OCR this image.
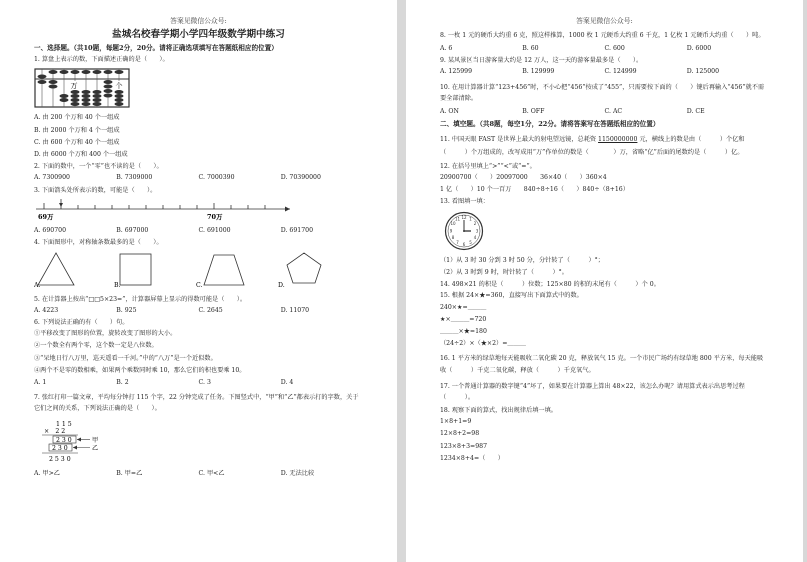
答案见微信公众号:
盐城名校春学期小学四年级数学期中练习
一、选择题。（共10题，每题2分，20分。请将正确选项填写在答题纸相应的位置）
1. 算盘上表示的数，下面描述正确的是（　　）。
万	个
A. 由 200 个万和 40 个一组成
B. 由 2000 个万和 4 个一组成
C. 由 600 个万和 40 个一组成
D. 由 6000 个万和 400 个一组成
2. 下面的数中，一个“零”也不读的是（　　）。
A. 7300900	B. 7309000	C. 7000390	D. 70390000
3. 下面箭头处所表示的数，可能是（　　）。
69万	70万
A. 690700	B. 697000	C. 691000	D. 691700
4. 下面图形中，对称轴条数最多的是（　　）。
A.	B.	C.	D.
5. 在计算器上按出“□□5×23=”，计算器屏幕上显示的得数可能是（　　）。
A. 4223	B. 925	C. 2645	D. 11070
6. 下列说法正确的有（　　）句。
①平移改变了图形的位置，旋转改变了图形的大小。
②一个数全有两个零，这个数一定是八位数。
③“呆地日行八万里，巡天遥看一千河。”中的“八万”是一个近似数。
④两个不是零的数相乘，如果两个乘数同时乘 10，那么它们的积也要乘 10。
A. 1	B. 2	C. 3	D. 4
7. 张红打印一篇文章，平均每分钟打 115 个字，22 分钟完成了任务。下图竖式中，“甲”和“乙”都表示打的字数，关于它们之间的关系，下列说法正确的是（　　）。
1 1 5
×　2 2
2 3 0
2 3 0
2 5 3 0
甲
乙
A. 甲>乙	B. 甲=乙	C. 甲<乙	D. 无法比较
答案见微信公众号:
8. 一枚 1 元的硬币大约重 6 克，照这样推算，1000 枚 1 元硬币大约重 6 千克，1 亿枚 1 元硬币大约重（　　）吨。
A. 6	B. 60	C. 600	D. 6000
9. 某风景区当日游客量大约是 12 万人，这一天的游客量最多是（　　）。
A. 125999	B. 129999	C. 124999	D. 125000
10. 在用计算器计算“123+456”时，不小心把“456”按成了“455”，只需要按下面的（　　）键后再输入“456”就不需要全部清除。
A. ON	B. OFF	C. AC	D. CE
二、填空题。（共8题，每空1分，22分。请将答案写在答题纸相应的位置）
11. 中国天眼 FAST 是世界上最大的射电望远镜，总耗资 1150000000 元，横线上的数是由（　　　）个亿和（　　　）个万组成的，改写成用“万”作单位的数是（　　　　）万，省略“亿”后面的尾数约是（　　　）亿。
12. 在括号里填上“>”“<”或“=”。
20900700（　　）20097000　　36×40（　　）360×4
1 亿（　　）10 个一百万　　840÷8÷16（　　）840÷（8+16）
13. 看图填一填：
12 1
2
3
4
5
6
7
8
9
10
11
（1）从 3 时 30 分到 3 时 50 分，分针转了（　　　）°；
（2）从 3 时到 9 时，时针转了（　　　）°。
14. 498×21 的积是（　　　）位数；125×80 的积的末尾有（　　　）个 0。
15. 根据 24×★=360，直接写出下面算式中的数。
240×★=＿＿＿
★×＿＿＿=720
＿＿＿×★=180
（24÷2）×（★×2）=＿＿＿
16. 1 平方米的绿草地每天能吸收二氧化碳 20 克，释放氧气 15 克。一个市民广场约有绿草地 800 平方米，每天能吸收（　　　）千克二氧化碳，释放（　　　）千克氧气。
17. 一个普通计算器的数字键“4”坏了，如果要在计算器上算出 48×22，该怎么办呢？请用算式表示出思考过程（　　　）。
18. 观察下面的算式，找出规律后填一填。
1×8+1=9
12×8+2=98
123×8+3=987
1234×8+4=（　　）
